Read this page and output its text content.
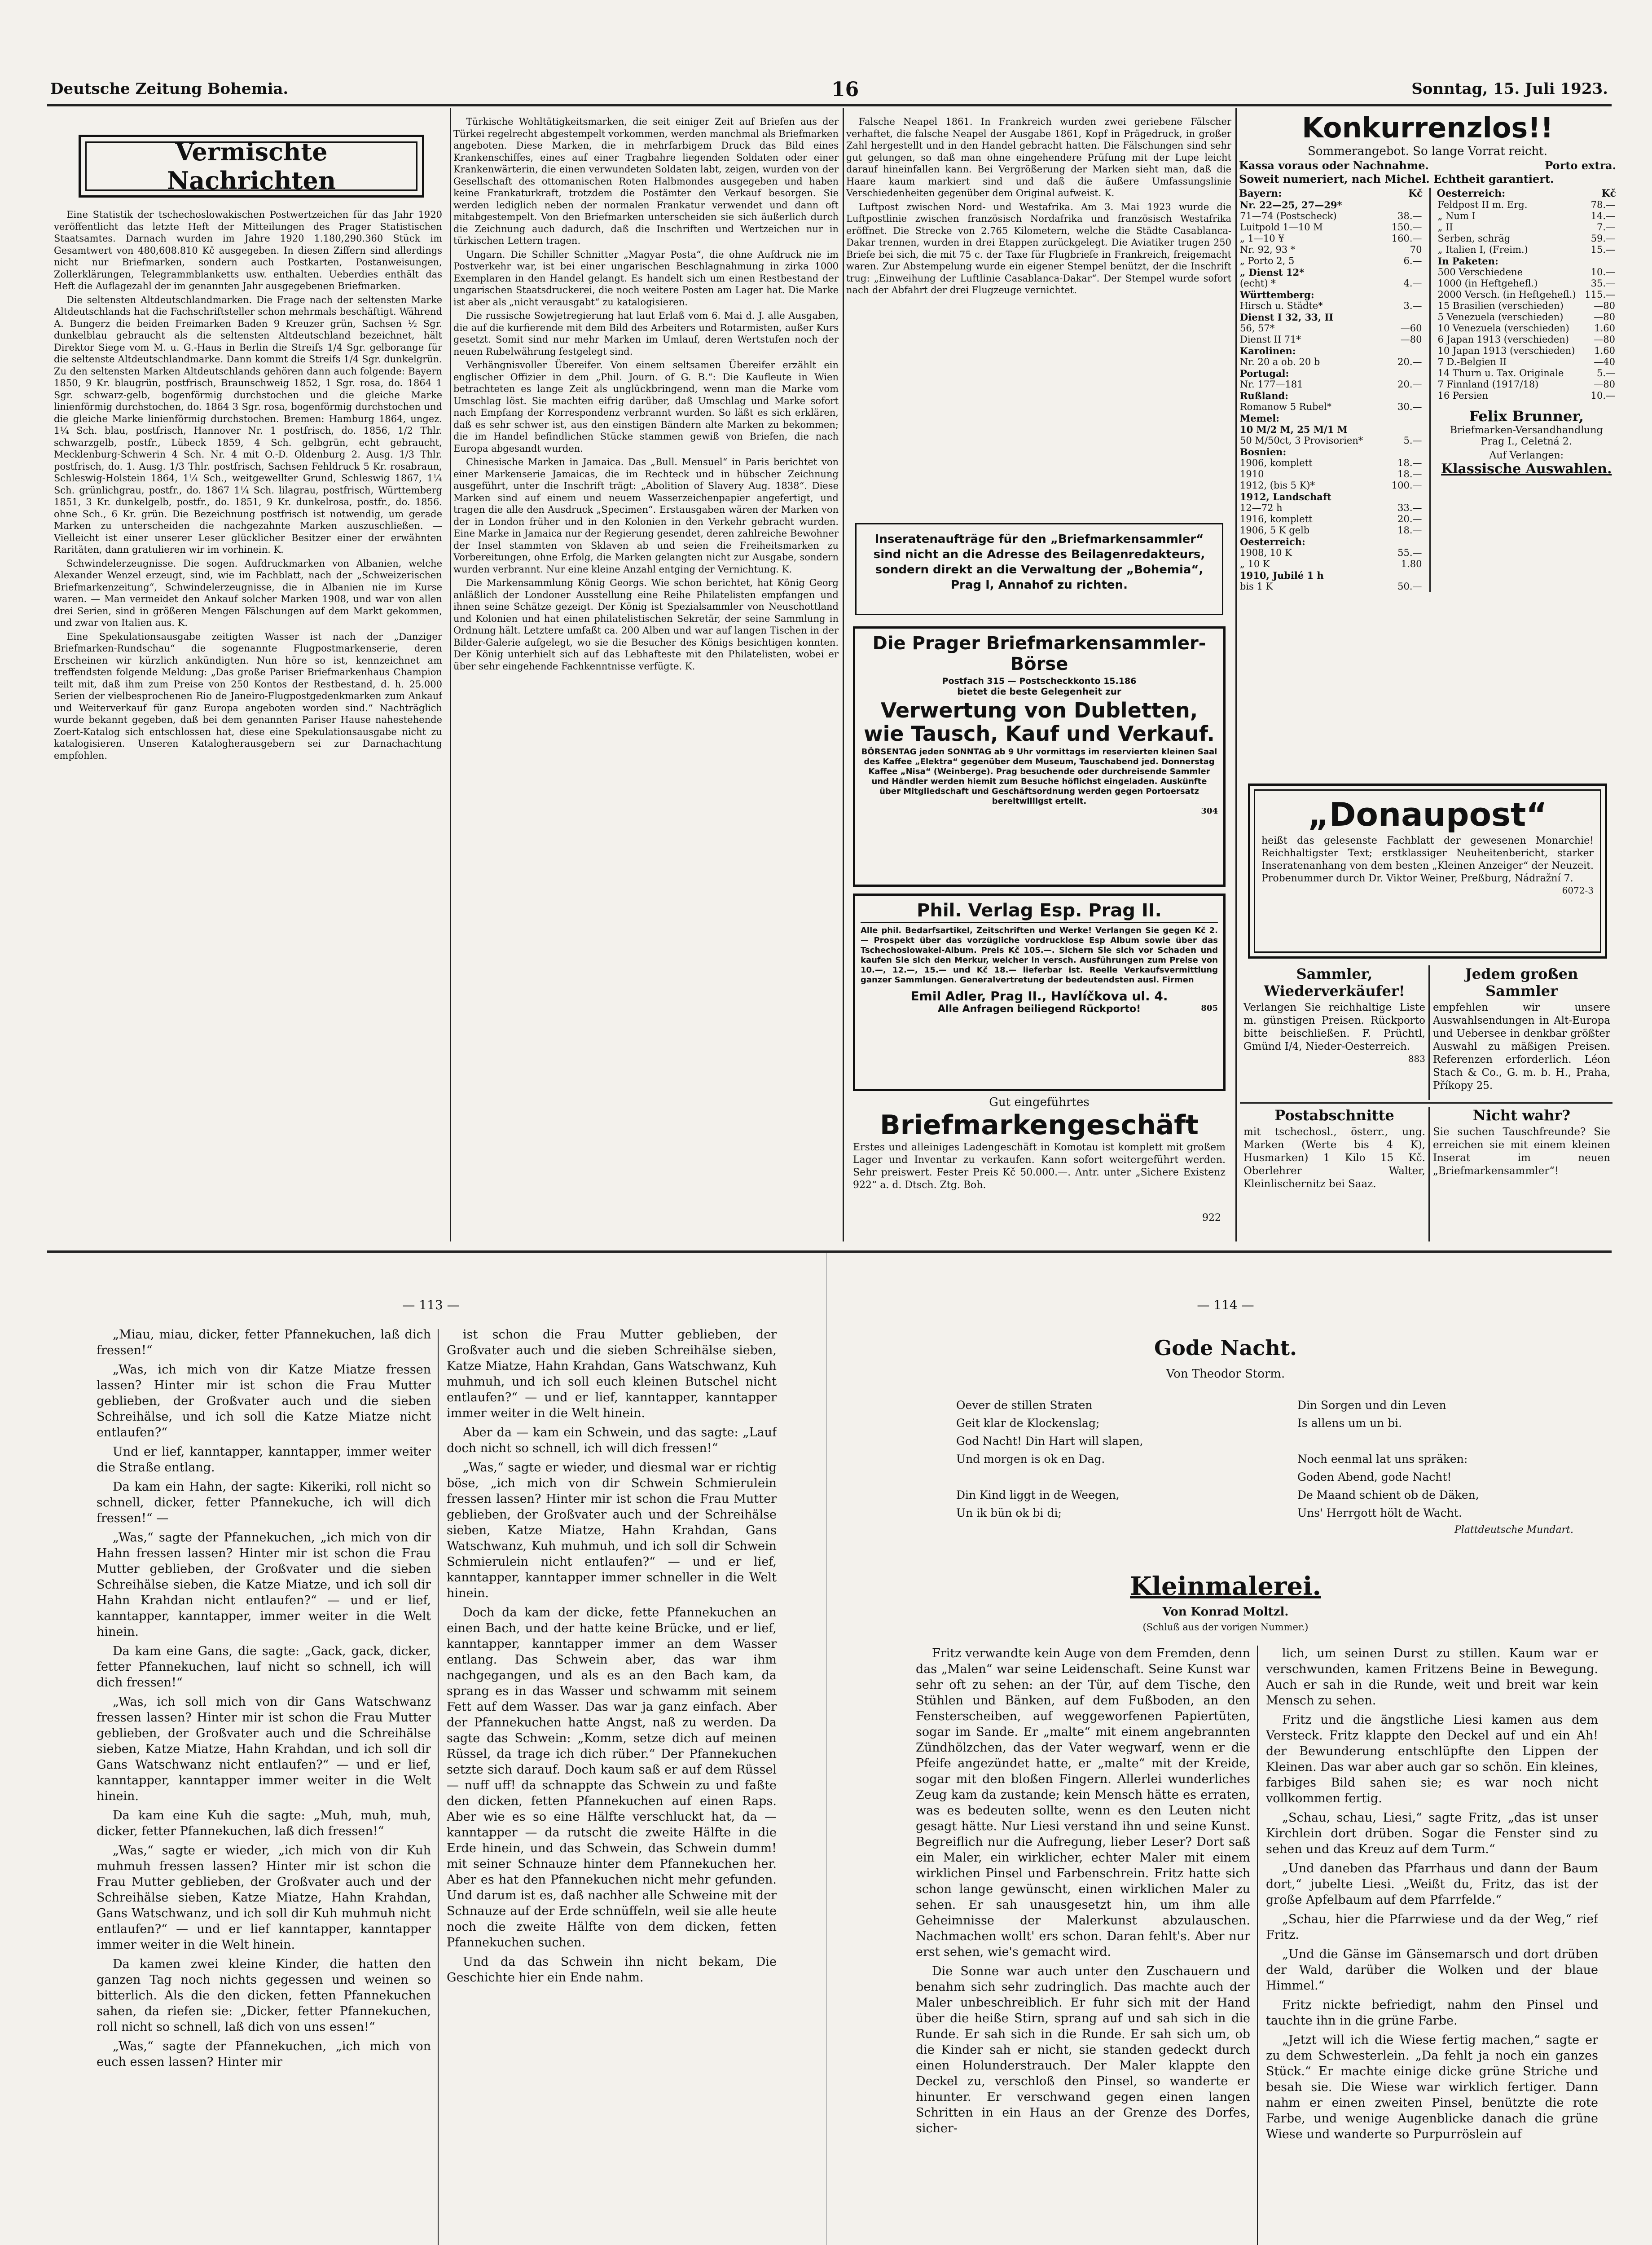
Deutsche Zeitung Bohemia.	16	Sonntag, 15. Juli 1923.
Vermischte Nachrichten

Eine Statistik der tschechoslowakischen Postwertzeichen für das Jahr 1920 veröffentlicht das letzte Heft der Mitteilungen des Prager Statistischen Staatsamtes. Darnach wurden im Jahre 1920 1.180,290.360 Stück im Gesamtwert von 480,608.810 Kč ausgegeben. In diesen Ziffern sind allerdings nicht nur Briefmarken, sondern auch Postkarten, Postanweisungen, Zollerklärungen, Telegrammblanketts usw. enthalten. Ueberdies enthält das Heft die Auflagezahl der im genannten Jahr ausgegebenen Briefmarken.

Die seltensten Altdeutschlandmarken. Die Frage nach der seltensten Marke Altdeutschlands hat die Fachschriftsteller schon mehrmals beschäftigt. Während A. Bungerz die beiden Freimarken Baden 9 Kreuzer grün, Sachsen ½ Sgr. dunkelblau gebraucht als die seltensten Altdeutschland bezeichnet, hält Direktor Siege vom M. u. G.-Haus in Berlin die Streifs 1/4 Sgr. gelborange für die seltenste Altdeutschlandmarke. Dann kommt die Streifs 1/4 Sgr. dunkelgrün. Zu den seltensten Marken Altdeutschlands gehören dann auch folgende: Bayern 1850, 9 Kr. blaugrün, postfrisch, Braunschweig 1852, 1 Sgr. rosa, do. 1864 1 Sgr. schwarz-gelb, bogenförmig durchstochen und die gleiche Marke linienförmig durchstochen, do. 1864 3 Sgr. rosa, bogenförmig durchstochen und die gleiche Marke linienförmig durchstochen. Bremen: Hamburg 1864, ungez. 1¼ Sch. blau, postfrisch, Hannover Nr. 1 postfrisch, do. 1856, 1/2 Thlr. schwarzgelb, postfr., Lübeck 1859, 4 Sch. gelbgrün, echt gebraucht, Mecklenburg-Schwerin 4 Sch. Nr. 4 mit O.-D. Oldenburg 2. Ausg. 1/3 Thlr. postfrisch, do. 1. Ausg. 1/3 Thlr. postfrisch, Sachsen Fehldruck 5 Kr. rosabraun, Schleswig-Holstein 1864, 1¼ Sch., weitgewellter Grund, Schleswig 1867, 1¼ Sch. grünlichgrau, postfr., do. 1867 1¼ Sch. lilagrau, postfrisch, Württemberg 1851, 3 Kr. dunkelgelb, postfr., do. 1851, 9 Kr. dunkelrosa, postfr., do. 1856. ohne Sch., 6 Kr. grün. Die Bezeichnung postfrisch ist notwendig, um gerade Marken zu unterscheiden die nachgezahnte Marken auszuschließen. — Vielleicht ist einer unserer Leser glücklicher Besitzer einer der erwähnten Raritäten, dann gratulieren wir im vorhinein. K.

Schwindelerzeugnisse. Die sogen. Aufdruckmarken von Albanien, welche Alexander Wenzel erzeugt, sind, wie im Fachblatt, nach der „Schweizerischen Briefmarkenzeitung“, Schwindelerzeugnisse, die in Albanien nie im Kurse waren. — Man vermeidet den Ankauf solcher Marken 1908, und war von allen drei Serien, sind in größeren Mengen Fälschungen auf dem Markt gekommen, und zwar von Italien aus. K.

Eine Spekulationsausgabe zeitigten Wasser ist nach der „Danziger Briefmarken-Rundschau“ die sogenannte Flugpostmarkenserie, deren Erscheinen wir kürzlich ankündigten. Nun höre so ist, kennzeichnet am treffendsten folgende Meldung: „Das große Pariser Briefmarkenhaus Champion teilt mit, daß ihm zum Preise von 250 Kontos der Restbestand, d. h. 25.000 Serien der vielbesprochenen Rio de Janeiro-Flugpostgedenkmarken zum Ankauf und Weiterverkauf für ganz Europa angeboten worden sind.“ Nachträglich wurde bekannt gegeben, daß bei dem genannten Pariser Hause nahestehende Zoert-Katalog sich entschlossen hat, diese eine Spekulationsausgabe nicht zu katalogisieren. Unseren Katalogherausgebern sei zur Darnachachtung empfohlen.

Türkische Wohltätigkeitsmarken, die seit einiger Zeit auf Briefen aus der Türkei regelrecht abgestempelt vorkommen, werden manchmal als Briefmarken angeboten. Diese Marken, die in mehrfarbigem Druck das Bild eines Krankenschiffes, eines auf einer Tragbahre liegenden Soldaten oder einer Krankenwärterin, die einen verwundeten Soldaten labt, zeigen, wurden von der Gesellschaft des ottomanischen Roten Halbmondes ausgegeben und haben keine Frankaturkraft, trotzdem die Postämter den Verkauf besorgen. Sie werden lediglich neben der normalen Frankatur verwendet und dann oft mitabgestempelt. Von den Briefmarken unterscheiden sie sich äußerlich durch die Zeichnung auch dadurch, daß die Inschriften und Wertzeichen nur in türkischen Lettern tragen.

Ungarn. Die Schiller Schnitter „Magyar Posta“, die ohne Aufdruck nie im Postverkehr war, ist bei einer ungarischen Beschlagnahmung in zirka 1000 Exemplaren in den Handel gelangt. Es handelt sich um einen Restbestand der ungarischen Staatsdruckerei, die noch weitere Posten am Lager hat. Die Marke ist aber als „nicht verausgabt“ zu katalogisieren.

Die russische Sowjetregierung hat laut Erlaß vom 6. Mai d. J. alle Ausgaben, die auf die kurfierende mit dem Bild des Arbeiters und Rotarmisten, außer Kurs gesetzt. Somit sind nur mehr Marken im Umlauf, deren Wertstufen noch der neuen Rubelwährung festgelegt sind.

Verhängnisvoller Übereifer. Von einem seltsamen Übereifer erzählt ein englischer Offizier in dem „Phil. Journ. of G. B.“: Die Kaufleute in Wien betrachteten es lange Zeit als unglückbringend, wenn man die Marke vom Umschlag löst. Sie machten eifrig darüber, daß Umschlag und Marke sofort nach Empfang der Korrespondenz verbrannt wurden. So läßt es sich erklären, daß es sehr schwer ist, aus den einstigen Bändern alte Marken zu bekommen; die im Handel befindlichen Stücke stammen gewiß von Briefen, die nach Europa abgesandt wurden.

Chinesische Marken in Jamaica. Das „Bull. Mensuel“ in Paris berichtet von einer Markenserie Jamaicas, die im Rechteck und in hübscher Zeichnung ausgeführt, unter die Inschrift trägt: „Abolition of Slavery Aug. 1838“. Diese Marken sind auf einem und neuem Wasserzeichenpapier angefertigt, und tragen die alle den Ausdruck „Specimen“. Erstausgaben wären der Marken von der in London früher und in den Kolonien in den Verkehr gebracht wurden. Eine Marke in Jamaica nur der Regierung gesendet, deren zahlreiche Bewohner der Insel stammten von Sklaven ab und seien die Freiheitsmarken zu Vorbereitungen, ohne Erfolg, die Marken gelangten nicht zur Ausgabe, sondern wurden verbrannt. Nur eine kleine Anzahl entging der Vernichtung. K.

Die Markensammlung König Georgs. Wie schon berichtet, hat König Georg anläßlich der Londoner Ausstellung eine Reihe Philatelisten empfangen und ihnen seine Schätze gezeigt. Der König ist Spezialsammler von Neuschottland und Kolonien und hat einen philatelistischen Sekretär, der seine Sammlung in Ordnung hält. Letztere umfaßt ca. 200 Alben und war auf langen Tischen in der Bilder-Galerie aufgelegt, wo sie die Besucher des Königs besichtigen konnten. Der König unterhielt sich auf das Lebhafteste mit den Philatelisten, wobei er über sehr eingehende Fachkenntnisse verfügte. K.

Falsche Neapel 1861. In Frankreich wurden zwei geriebene Fälscher verhaftet, die falsche Neapel der Ausgabe 1861, Kopf in Prägedruck, in großer Zahl hergestellt und in den Handel gebracht hatten. Die Fälschungen sind sehr gut gelungen, so daß man ohne eingehendere Prüfung mit der Lupe leicht darauf hineinfallen kann. Bei Vergrößerung der Marken sieht man, daß die Haare kaum markiert sind und daß die äußere Umfassungslinie Verschiedenheiten gegenüber dem Original aufweist. K.

Luftpost zwischen Nord- und Westafrika. Am 3. Mai 1923 wurde die Luftpostlinie zwischen französisch Nordafrika und französisch Westafrika eröffnet. Die Strecke von 2.765 Kilometern, welche die Städte Casablanca-Dakar trennen, wurden in drei Etappen zurückgelegt. Die Aviatiker trugen 250 Briefe bei sich, die mit 75 c. der Taxe für Flugbriefe in Frankreich, freigemacht waren. Zur Abstempelung wurde ein eigener Stempel benützt, der die Inschrift trug: „Einweihung der Luftlinie Casablanca-Dakar“. Der Stempel wurde sofort nach der Abfahrt der drei Flugzeuge vernichtet.

Inseratenaufträge für den „Briefmarkensammler“ sind nicht an die Adresse des Beilagenredakteurs, sondern direkt an die Verwaltung der „Bohemia“, Prag I, Annahof zu richten.
Die Prager Briefmarkensammler-Börse
Postfach 315 — Postscheckkonto 15.186
bietet die beste Gelegenheit zur
Verwertung von Dubletten, wie Tausch, Kauf und Verkauf.
BÖRSENTAG jeden SONNTAG ab 9 Uhr vormittags im reservierten kleinen Saal des Kaffee „Elektra“ gegenüber dem Museum, Tauschabend jed. Donnerstag Kaffee „Nisa“ (Weinberge). Prag besuchende oder durchreisende Sammler und Händler werden hiemit zum Besuche höflichst eingeladen. Auskünfte über Mitgliedschaft und Geschäftsordnung werden gegen Portoersatz bereitwilligst erteilt.
304
Phil. Verlag Esp. Prag II.
Alle phil. Bedarfsartikel, Zeitschriften und Werke! Verlangen Sie gegen Kč 2.— Prospekt über das vorzügliche vordrucklose Esp Album sowie über das Tschechoslowakei-Album. Preis Kč 105.—. Sichern Sie sich vor Schaden und kaufen Sie sich den Merkur, welcher in versch. Ausführungen zum Preise von 10.—, 12.—, 15.— und Kč 18.— lieferbar ist. Reelle Verkaufsvermittlung ganzer Sammlungen. Generalvertretung der bedeutendsten ausl. Firmen
Emil Adler, Prag II., Havlíčkova ul. 4.
Alle Anfragen beiliegend Rückporto!	805
Gut eingeführtes
Briefmarkengeschäft

Erstes und alleiniges Ladengeschäft in Komotau ist komplett mit großem Lager und Inventar zu verkaufen. Kann sofort weitergeführt werden. Sehr preiswert. Fester Preis Kč 50.000.—. Antr. unter „Sichere Existenz 922“ a. d. Dtsch. Ztg. Boh.

922
Konkurrenzlos!!
Sommerangebot. So lange Vorrat reicht.
Kassa voraus oder Nachnahme.	Porto extra.
Soweit numeriert, nach Michel. Echtheit garantiert.
Bayern:	Kč
Nr. 22—25, 27—29*	
71—74 (Postscheck)	38.—
Luitpold 1—10 M	150.—
„ 1—10 ¥	160.—
Nr. 92, 93 *	70
„ Porto 2, 5	6.—
„ Dienst 12*	
(echt) *	4.—
Württemberg:	
Hirsch u. Städte*	3.—
Dienst I 32, 33, II	
56, 57*	—60
Dienst II 71*	—80
Karolinen:	
Nr. 20 a ob. 20 b	20.—
Portugal:	
Nr. 177—181	20.—
Rußland:	
Romanow 5 Rubel*	30.—
Memel:	
10 M/2 M, 25 M/1 M	
50 M/50ct, 3 Provisorien*	5.—
Bosnien:	
1906, komplett	18.—
1910	18.—
1912, (bis 5 K)*	100.—
1912, Landschaft	
12—72 h	33.—
1916, komplett	20.—
1906, 5 K gelb	18.—
Oesterreich:	
1908, 10 K	55.—
„ 10 K	1.80
1910, Jubilé 1 h	
bis 1 K	50.—
Oesterreich:	Kč
Feldpost II m. Erg.	78.—
„ Num I	14.—
„ II	7.—
Serben, schräg	59.—
„ Italien I, (Freim.)	15.—
In Paketen:	
500 Verschiedene	10.—
1000 (in Heftgehefl.)	35.—
2000 Versch. (in Heftgehefl.)	115.—
15 Brasilien (verschieden)	—80
5 Venezuela (verschieden)	—80
10 Venezuela (verschieden)	1.60
6 Japan 1913 (verschieden)	—80
10 Japan 1913 (verschieden)	1.60
7 D.-Belgien II	—40
14 Thurn u. Tax. Originale	5.—
7 Finnland (1917/18)	—80
16 Persien	10.—
Felix Brunner,
Briefmarken-Versandhandlung
Prag I., Celetná 2.
Auf Verlangen:
Klassische Auswahlen.
„Donaupost“
heißt das gelesenste Fachblatt der gewesenen Monarchie! Reichhaltigster Text; erstklassiger Neuheitenbericht, starker Inseratenanhang von dem besten „Kleinen Anzeiger“ der Neuzeit. Probenummer durch Dr. Viktor Weiner, Preßburg, Nádražní 7.
6072-3
Sammler, Wiederverkäufer!
Verlangen Sie reichhaltige Liste m. günstigen Preisen. Rückporto bitte beischließen. F. Prüchtl, Gmünd I/4, Nieder-Oesterreich.
883
Jedem großen Sammler
empfehlen wir unsere Auswahlsendungen in Alt-Europa und Uebersee in denkbar größter Auswahl zu mäßigen Preisen. Referenzen erforderlich. Léon Stach & Co., G. m. b. H., Praha, Příkopy 25.
Postabschnitte
mit tschechosl., österr., ung. Marken (Werte bis 4 K), Husmarken) 1 Kilo 15 Kč. Oberlehrer Walter, Kleinlischernitz bei Saaz.
Nicht wahr?
Sie suchen Tauschfreunde? Sie erreichen sie mit einem kleinen Inserat im neuen „Briefmarkensammler“!
— 113 —

„Miau, miau, dicker, fetter Pfannekuchen, laß dich fressen!“

„Was, ich mich von dir Katze Miatze fressen lassen? Hinter mir ist schon die Frau Mutter geblieben, der Großvater auch und die sieben Schreihälse, und ich soll die Katze Miatze nicht entlaufen?“

Und er lief, kanntapper, kanntapper, immer weiter die Straße entlang.

Da kam ein Hahn, der sagte: Kikeriki, roll nicht so schnell, dicker, fetter Pfannekuche, ich will dich fressen!“ —

„Was,“ sagte der Pfannekuchen, „ich mich von dir Hahn fressen lassen? Hinter mir ist schon die Frau Mutter geblieben, der Großvater und die sieben Schreihälse sieben, die Katze Miatze, und ich soll dir Hahn Krahdan nicht entlaufen?“ — und er lief, kanntapper, kanntapper, immer weiter in die Welt hinein.

Da kam eine Gans, die sagte: „Gack, gack, dicker, fetter Pfannekuchen, lauf nicht so schnell, ich will dich fressen!“

„Was, ich soll mich von dir Gans Watschwanz fressen lassen? Hinter mir ist schon die Frau Mutter geblieben, der Großvater auch und die Schreihälse sieben, Katze Miatze, Hahn Krahdan, und ich soll dir Gans Watschwanz nicht entlaufen?“ — und er lief, kanntapper, kanntapper immer weiter in die Welt hinein.

Da kam eine Kuh die sagte: „Muh, muh, muh, dicker, fetter Pfannekuchen, laß dich fressen!“

„Was,“ sagte er wieder, „ich mich von dir Kuh muhmuh fressen lassen? Hinter mir ist schon die Frau Mutter geblieben, der Großvater auch und der Schreihälse sieben, Katze Miatze, Hahn Krahdan, Gans Watschwanz, und ich soll dir Kuh muhmuh nicht entlaufen?“ — und er lief kanntapper, kanntapper immer weiter in die Welt hinein.

Da kamen zwei kleine Kinder, die hatten den ganzen Tag noch nichts gegessen und weinen so bitterlich. Als die den dicken, fetten Pfannekuchen sahen, da riefen sie: „Dicker, fetter Pfannekuchen, roll nicht so schnell, laß dich von uns essen!“

„Was,“ sagte der Pfannekuchen, „ich mich von euch essen lassen? Hinter mir

ist schon die Frau Mutter geblieben, der Großvater auch und die sieben Schreihälse sieben, Katze Miatze, Hahn Krahdan, Gans Watschwanz, Kuh muhmuh, und ich soll euch kleinen Butschel nicht entlaufen?“ — und er lief, kanntapper, kanntapper immer weiter in die Welt hinein.

Aber da — kam ein Schwein, und das sagte: „Lauf doch nicht so schnell, ich will dich fressen!“

„Was,“ sagte er wieder, und diesmal war er richtig böse, „ich mich von dir Schwein Schmierulein fressen lassen? Hinter mir ist schon die Frau Mutter geblieben, der Großvater auch und der Schreihälse sieben, Katze Miatze, Hahn Krahdan, Gans Watschwanz, Kuh muhmuh, und ich soll dir Schwein Schmierulein nicht entlaufen?“ — und er lief, kanntapper, kanntapper immer schneller in die Welt hinein.

Doch da kam der dicke, fette Pfannekuchen an einen Bach, und der hatte keine Brücke, und er lief, kanntapper, kanntapper immer an dem Wasser entlang. Das Schwein aber, das war ihm nachgegangen, und als es an den Bach kam, da sprang es in das Wasser und schwamm mit seinem Fett auf dem Wasser. Das war ja ganz einfach. Aber der Pfannekuchen hatte Angst, naß zu werden. Da sagte das Schwein: „Komm, setze dich auf meinen Rüssel, da trage ich dich rüber.“ Der Pfannekuchen setzte sich darauf. Doch kaum saß er auf dem Rüssel — nuff uff! da schnappte das Schwein zu und faßte den dicken, fetten Pfannekuchen auf einen Raps. Aber wie es so eine Hälfte verschluckt hat, da — kanntapper — da rutscht die zweite Hälfte in die Erde hinein, und das Schwein, das Schwein dumm! mit seiner Schnauze hinter dem Pfannekuchen her. Aber es hat den Pfannekuchen nicht mehr gefunden. Und darum ist es, daß nachher alle Schweine mit der Schnauze auf der Erde schnüffeln, weil sie alle heute noch die zweite Hälfte von dem dicken, fetten Pfannekuchen suchen.

Und da das Schwein ihn nicht bekam, Die Geschichte hier ein Ende nahm.

— 114 —
Gode Nacht.
Von Theodor Storm.
Oever de stillen Straten
Geit klar de Klockenslag;
God Nacht! Din Hart will slapen,
Und morgen is ok en Dag.

Din Kind liggt in de Weegen,
Un ik bün ok bi di;
Din Sorgen und din Leven
Is allens um un bi.

Noch eenmal lat uns spräken:
Goden Abend, gode Nacht!
De Maand schient ob de Däken,
Uns' Herrgott hölt de Wacht.
Plattdeutsche Mundart.
Kleinmalerei.
Von Konrad Moltzl.
(Schluß aus der vorigen Nummer.)

Fritz verwandte kein Auge von dem Fremden, denn das „Malen“ war seine Leidenschaft. Seine Kunst war sehr oft zu sehen: an der Tür, auf dem Tische, den Stühlen und Bänken, auf dem Fußboden, an den Fensterscheiben, auf weggeworfenen Papiertüten, sogar im Sande. Er „malte“ mit einem angebrannten Zündhölzchen, das der Vater wegwarf, wenn er die Pfeife angezündet hatte, er „malte“ mit der Kreide, sogar mit den bloßen Fingern. Allerlei wunderliches Zeug kam da zustande; kein Mensch hätte es erraten, was es bedeuten sollte, wenn es den Leuten nicht gesagt hätte. Nur Liesi verstand ihn und seine Kunst. Begreiflich nur die Aufregung, lieber Leser? Dort saß ein Maler, ein wirklicher, echter Maler mit einem wirklichen Pinsel und Farbenschrein. Fritz hatte sich schon lange gewünscht, einen wirklichen Maler zu sehen. Er sah unausgesetzt hin, um ihm alle Geheimnisse der Malerkunst abzulauschen. Nachmachen wollt' ers schon. Daran fehlt's. Aber nur erst sehen, wie's gemacht wird.

Die Sonne war auch unter den Zuschauern und benahm sich sehr zudringlich. Das machte auch der Maler unbeschreiblich. Er fuhr sich mit der Hand über die heiße Stirn, sprang auf und sah sich in die Runde. Er sah sich in die Runde. Er sah sich um, ob die Kinder sah er nicht, sie standen gedeckt durch einen Holunderstrauch. Der Maler klappte den Deckel zu, verschloß den Pinsel, so wanderte er hinunter. Er verschwand gegen einen langen Schritten in ein Haus an der Grenze des Dorfes, sicher-

lich, um seinen Durst zu stillen. Kaum war er verschwunden, kamen Fritzens Beine in Bewegung. Auch er sah in die Runde, weit und breit war kein Mensch zu sehen.

Fritz und die ängstliche Liesi kamen aus dem Versteck. Fritz klappte den Deckel auf und ein Ah! der Bewunderung entschlüpfte den Lippen der Kleinen. Das war aber auch gar so schön. Ein kleines, farbiges Bild sahen sie; es war noch nicht vollkommen fertig.

„Schau, schau, Liesi,“ sagte Fritz, „das ist unser Kirchlein dort drüben. Sogar die Fenster sind zu sehen und das Kreuz auf dem Turm.“

„Und daneben das Pfarrhaus und dann der Baum dort,“ jubelte Liesi. „Weißt du, Fritz, das ist der große Apfelbaum auf dem Pfarrfelde.“

„Schau, hier die Pfarrwiese und da der Weg,“ rief Fritz.

„Und die Gänse im Gänsemarsch und dort drüben der Wald, darüber die Wolken und der blaue Himmel.“

Fritz nickte befriedigt, nahm den Pinsel und tauchte ihn in die grüne Farbe.

„Jetzt will ich die Wiese fertig machen,“ sagte er zu dem Schwesterlein. „Da fehlt ja noch ein ganzes Stück.“ Er machte einige dicke grüne Striche und besah sie. Die Wiese war wirklich fertiger. Dann nahm er einen zweiten Pinsel, benützte die rote Farbe, und wenige Augenblicke danach die grüne Wiese und wanderte so Purpurröslein auf
